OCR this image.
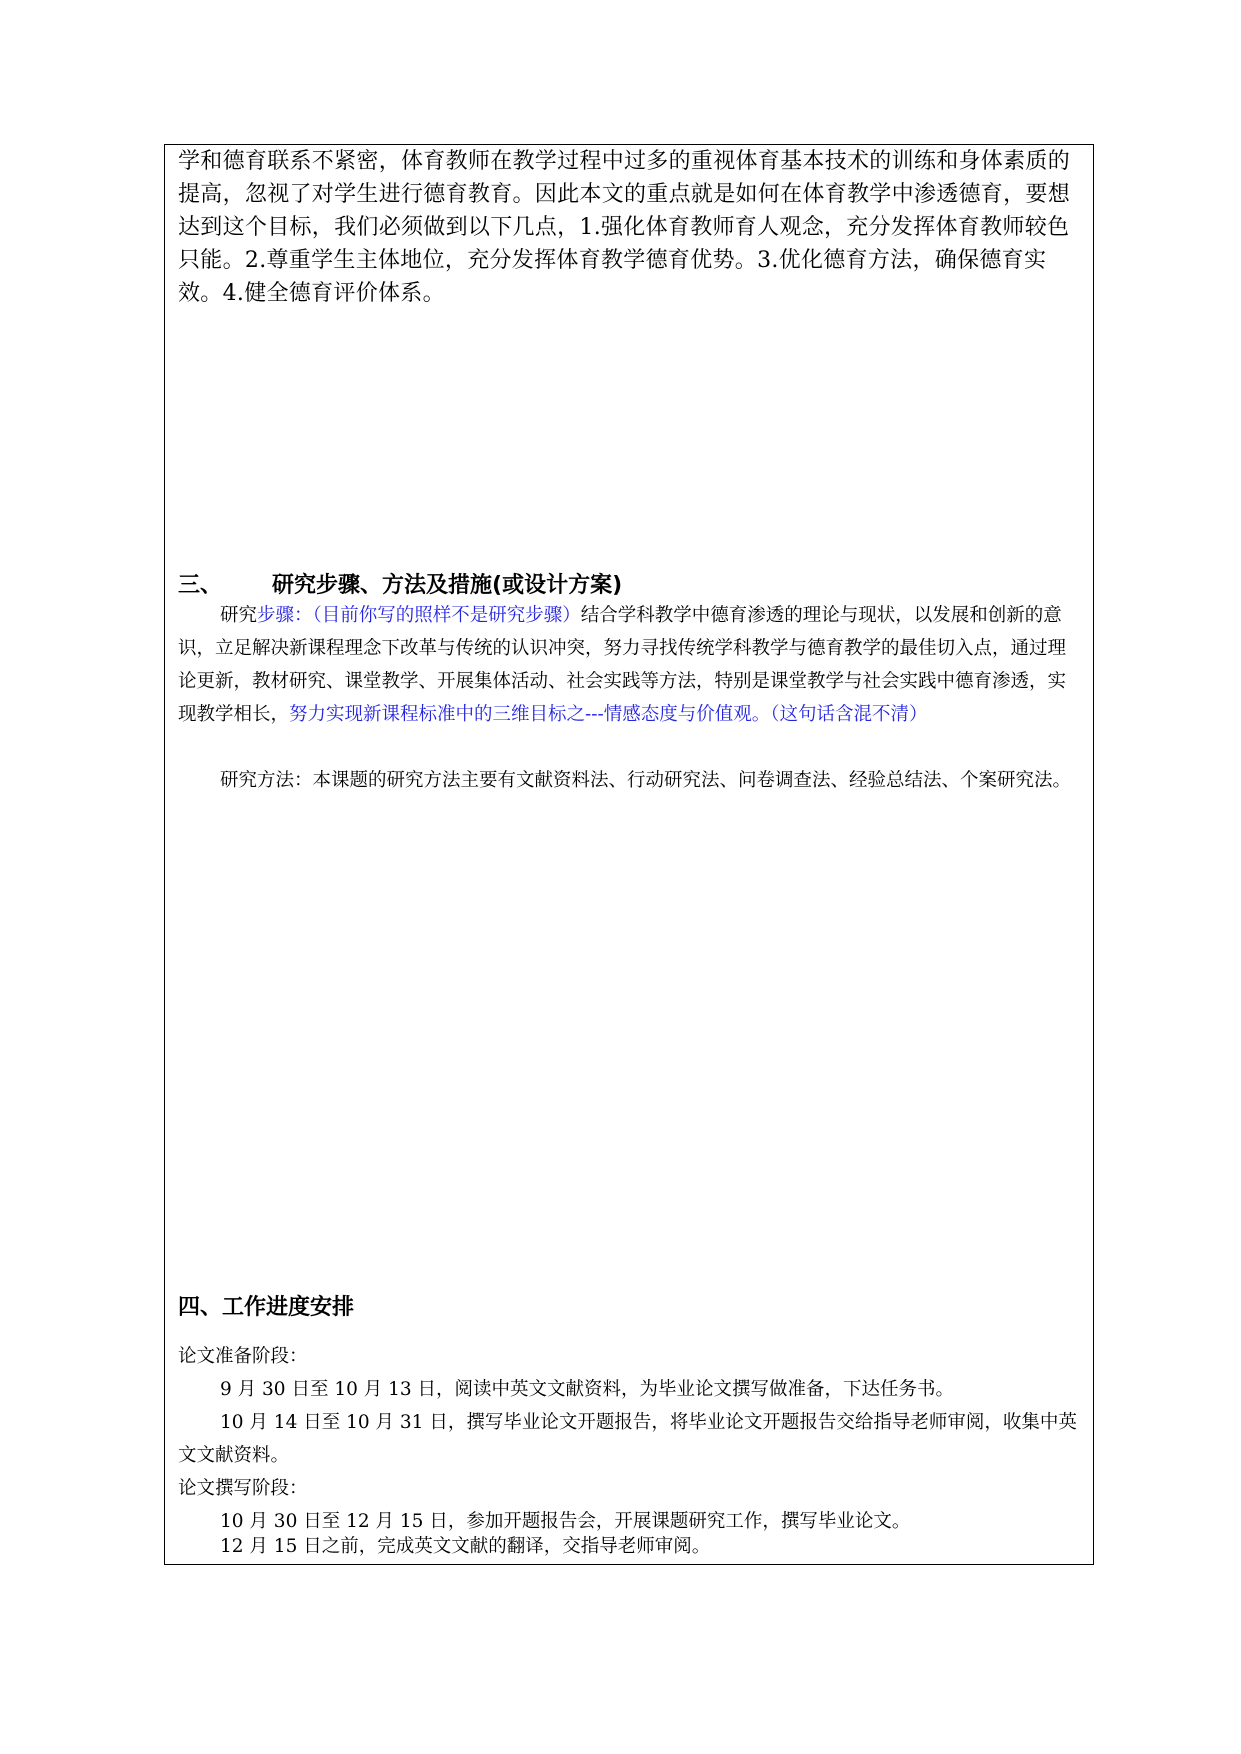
学和德育联系不紧密，体育教师在教学过程中过多的重视体育基本技术的训练和身体素质的提高，忽视了对学生进行德育教育。因此本文的重点就是如何在体育教学中渗透德育，要想达到这个目标，我们必须做到以下几点，1.强化体育教师育人观念，充分发挥体育教师较色只能。2.尊重学生主体地位，充分发挥体育教学德育优势。3.优化德育方法，确保德育实效。4.健全德育评价体系。

三、 研究步骤、方法及措施(或设计方案)

研究步骤：（目前你写的照样不是研究步骤）结合学科教学中德育渗透的理论与现状，以发展和创新的意识，立足解决新课程理念下改革与传统的认识冲突，努力寻找传统学科教学与德育教学的最佳切入点，通过理论更新，教材研究、课堂教学、开展集体活动、社会实践等方法，特别是课堂教学与社会实践中德育渗透，实现教学相长，努力实现新课程标准中的三维目标之---情感态度与价值观。（这句话含混不清）

研究方法：本课题的研究方法主要有文献资料法、行动研究法、问卷调查法、经验总结法、个案研究法。

四、工作进度安排

论文准备阶段：

9 月 30 日至 10 月 13 日，阅读中英文文献资料，为毕业论文撰写做准备，下达任务书。

10 月 14 日至 10 月 31 日，撰写毕业论文开题报告，将毕业论文开题报告交给指导老师审阅，收集中英文文献资料。

论文撰写阶段：

10 月 30 日至 12 月 15 日，参加开题报告会，开展课题研究工作，撰写毕业论文。

12 月 15 日之前，完成英文文献的翻译，交指导老师审阅。
